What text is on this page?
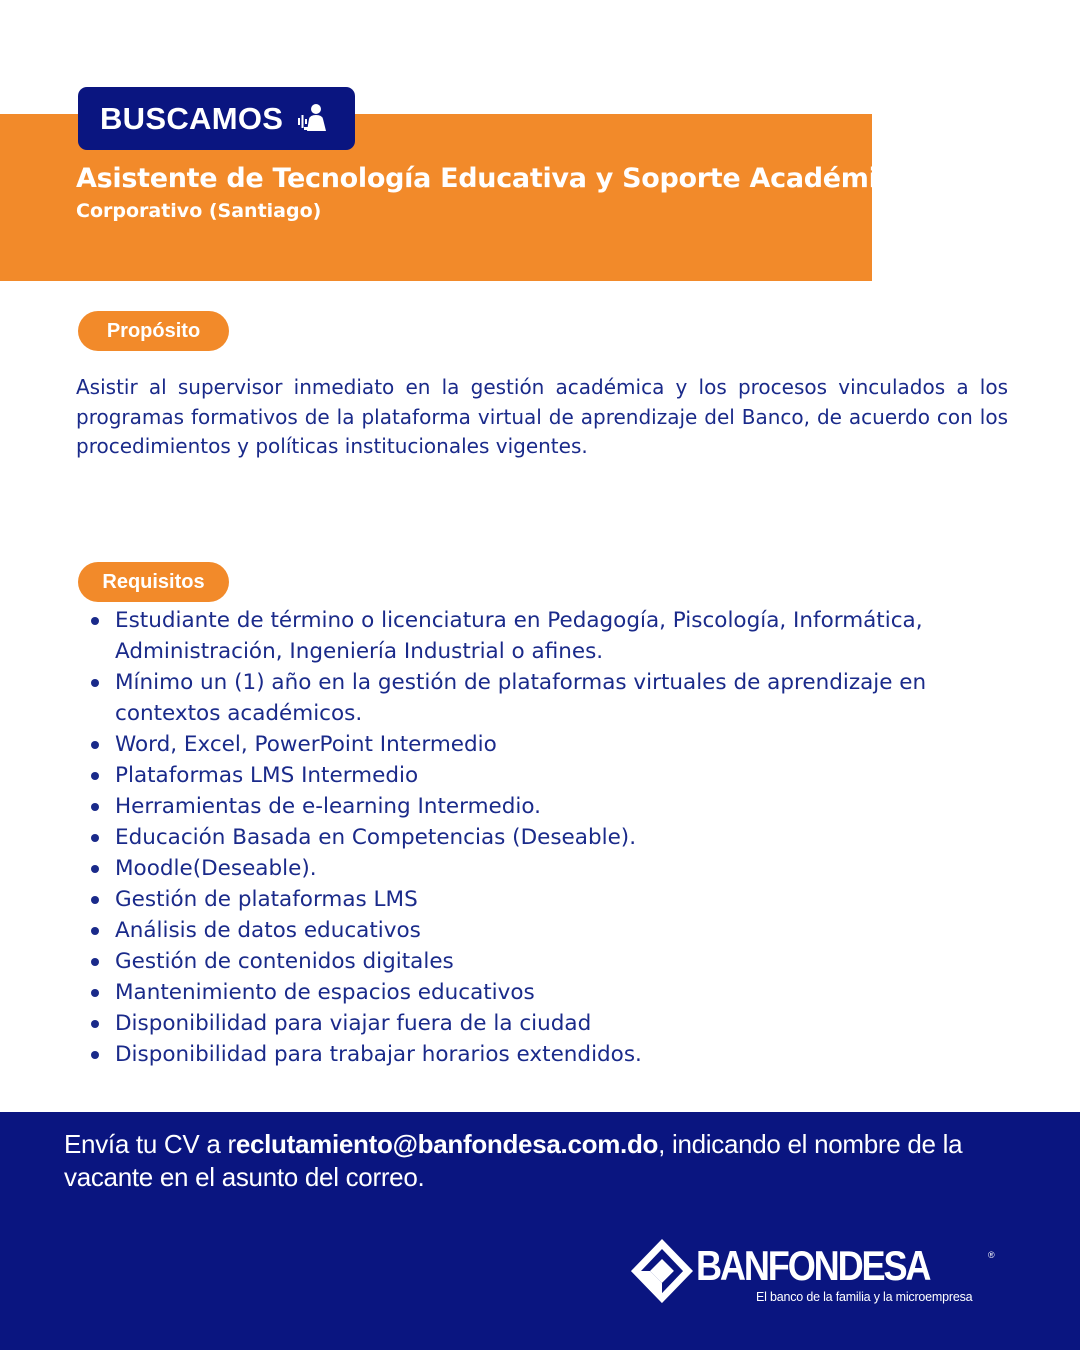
BUSCAMOS
Asistente de Tecnología Educativa y Soporte Académico
Corporativo (Santiago)
Propósito

Asistir al supervisor inmediato en la gestión académica y los procesos vinculados a los programas formativos de la plataforma virtual de aprendizaje del Banco, de acuerdo con los procedimientos y políticas institucionales vigentes.

Requisitos
Estudiante de término o licenciatura en Pedagogía, Piscología, Informática, Administración, Ingeniería Industrial o afines.
Mínimo un (1) año en la gestión de plataformas virtuales de aprendizaje en contextos académicos.
Word, Excel, PowerPoint Intermedio
Plataformas LMS Intermedio
Herramientas de e-learning Intermedio.
Educación Basada en Competencias (Deseable).
Moodle(Deseable).
Gestión de plataformas LMS
Análisis de datos educativos
Gestión de contenidos digitales
Mantenimiento de espacios educativos
Disponibilidad para viajar fuera de la ciudad
Disponibilidad para trabajar horarios extendidos.

Envía tu CV a reclutamiento@banfondesa.com.do, indicando el nombre de la vacante en el asunto del correo.

BANFONDESA	®
El banco de la familia y la microempresa
